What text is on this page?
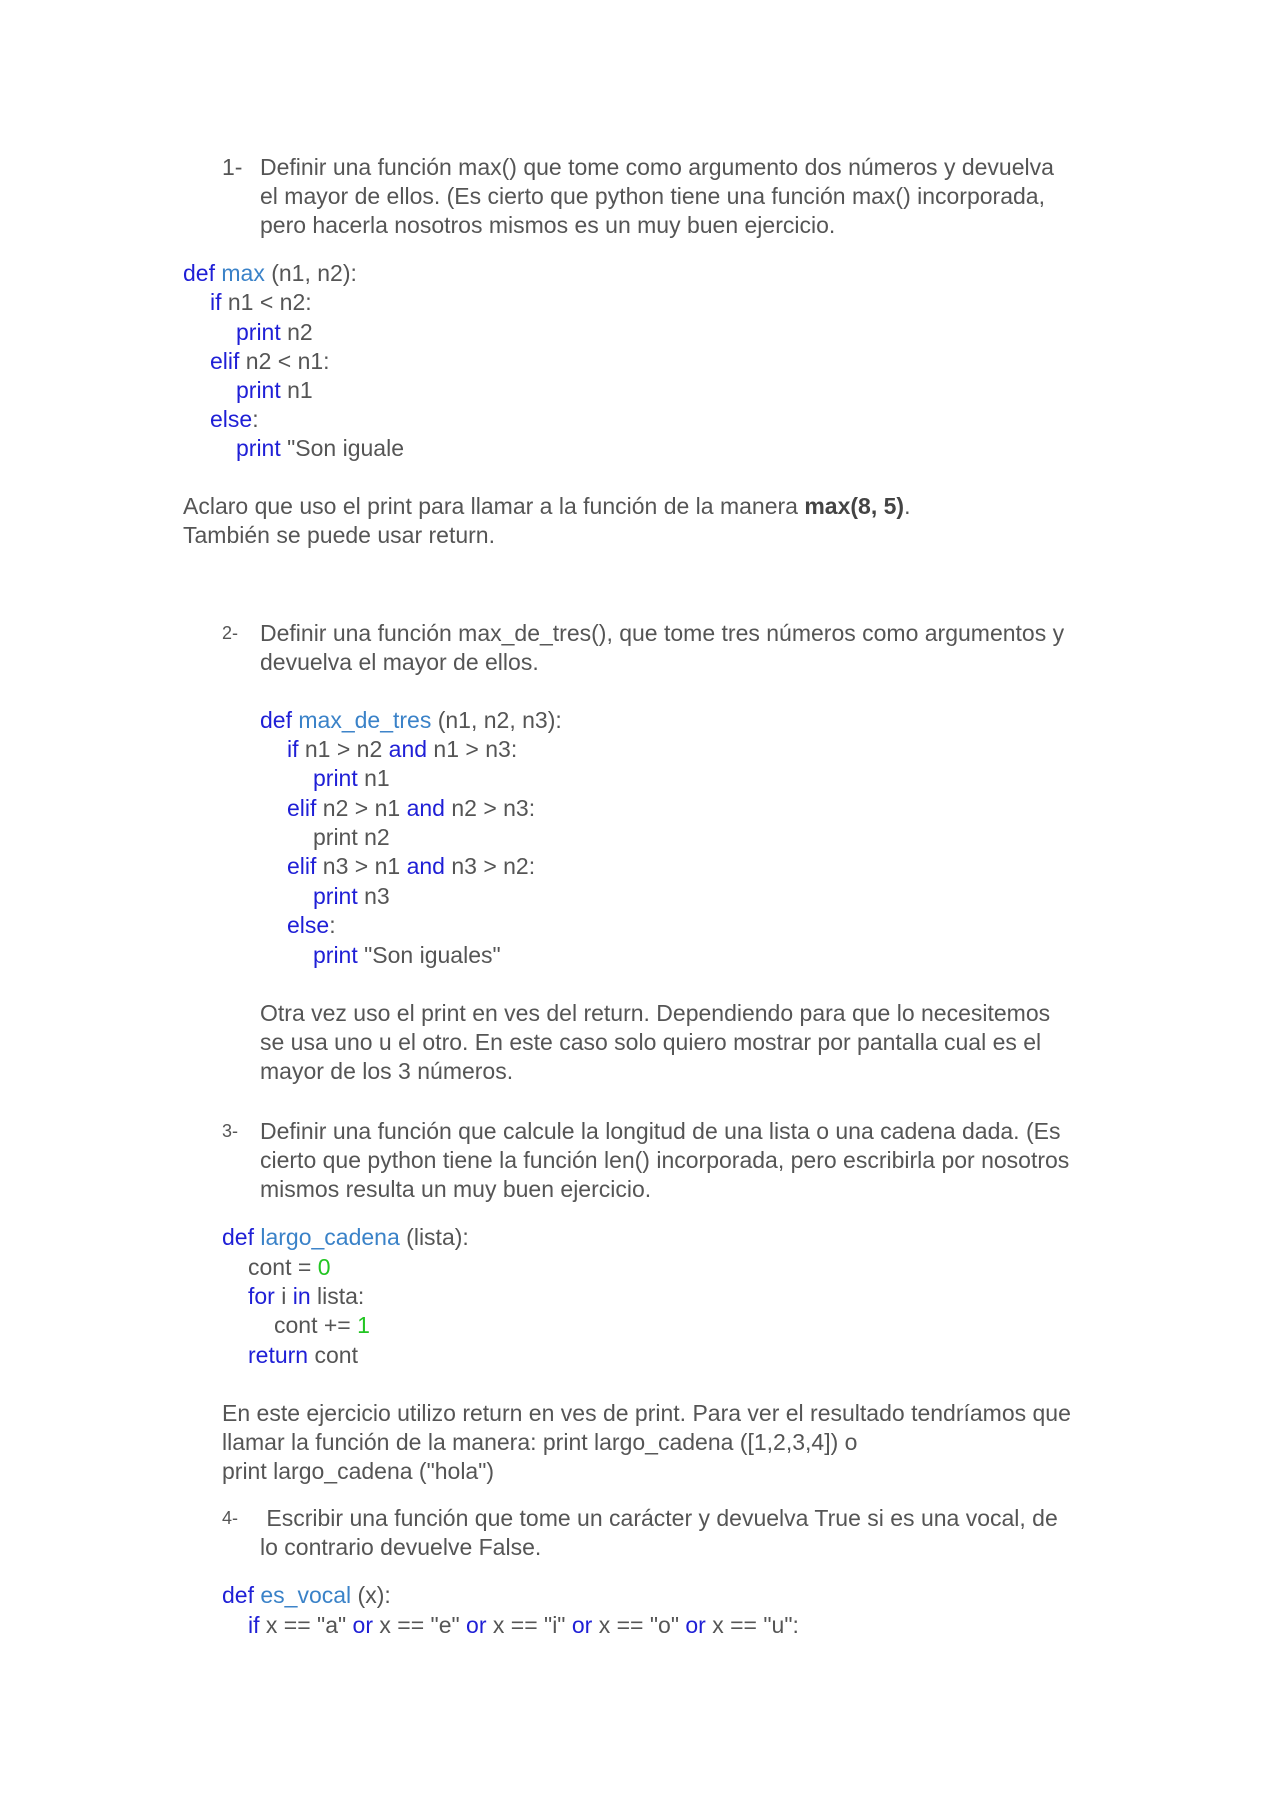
1- Definir una función max() que tome como argumento dos números y devuelva
el mayor de ellos. (Es cierto que python tiene una función max() incorporada,
pero hacerla nosotros mismos es un muy buen ejercicio.
def max (n1, n2):
if n1 < n2:
print n2
elif n2 < n1:
print n1
else:
print "Son iguale
Aclaro que uso el print para llamar a la función de la manera max(8, 5).
También se puede usar return.
2- Definir una función max_de_tres(), que tome tres números como argumentos y
devuelva el mayor de ellos.
def max_de_tres (n1, n2, n3):
if n1 > n2 and n1 > n3:
print n1
elif n2 > n1 and n2 > n3:
print n2
elif n3 > n1 and n3 > n2:
print n3
else:
print "Son iguales"
Otra vez uso el print en ves del return. Dependiendo para que lo necesitemos
se usa uno u el otro. En este caso solo quiero mostrar por pantalla cual es el
mayor de los 3 números.
3- Definir una función que calcule la longitud de una lista o una cadena dada. (Es
cierto que python tiene la función len() incorporada, pero escribirla por nosotros
mismos resulta un muy buen ejercicio.
def largo_cadena (lista):
cont = 0
for i in lista:
cont += 1
return cont
En este ejercicio utilizo return en ves de print. Para ver el resultado tendríamos que
llamar la función de la manera: print largo_cadena ([1,2,3,4]) o
print largo_cadena ("hola")
4- Escribir una función que tome un carácter y devuelva True si es una vocal, de
lo contrario devuelve False.
def es_vocal (x):
if x == "a" or x == "e" or x == "i" or x == "o" or x == "u":
